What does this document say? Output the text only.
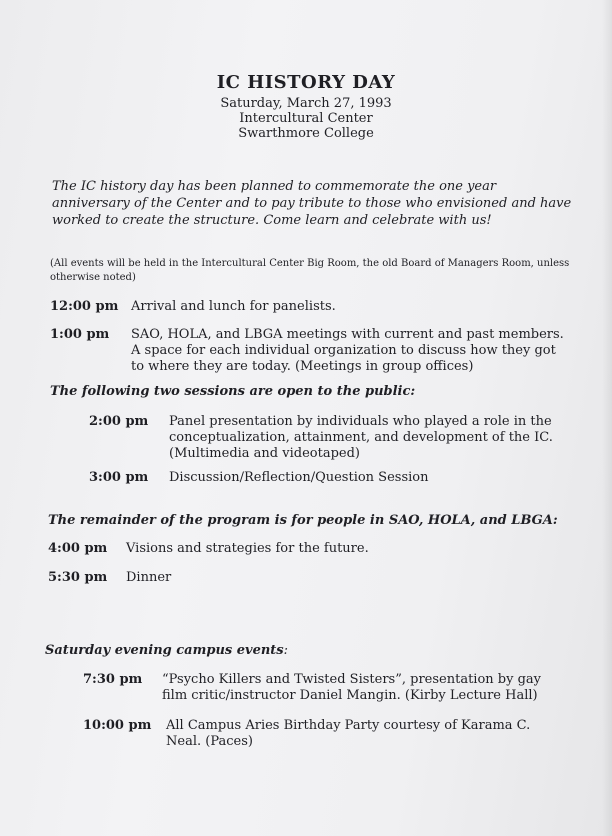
IC HISTORY DAY
Saturday, March 27, 1993
Intercultural Center
Swarthmore College
The IC history day has been planned to commemorate the one year anniversary of the Center and to pay tribute to those who envisioned and have worked to create the structure. Come learn and celebrate with us!
(All events will be held in the Intercultural Center Big Room, the old Board of Managers Room, unless otherwise noted)
12:00 pm Arrival and lunch for panelists.
1:00 pm SAO, HOLA, and LBGA meetings with current and past members. A space for each individual organization to discuss how they got to where they are today. (Meetings in group offices)
The following two sessions are open to the public:
2:00 pm Panel presentation by individuals who played a role in the conceptualization, attainment, and development of the IC. (Multimedia and videotaped)
3:00 pm Discussion/Reflection/Question Session
The remainder of the program is for people in SAO, HOLA, and LBGA:
4:00 pm Visions and strategies for the future.
5:30 pm Dinner
Saturday evening campus events:
7:30 pm “Psycho Killers and Twisted Sisters”, presentation by gay film critic/instructor Daniel Mangin. (Kirby Lecture Hall)
10:00 pm All Campus Aries Birthday Party courtesy of Karama C. Neal. (Paces)
